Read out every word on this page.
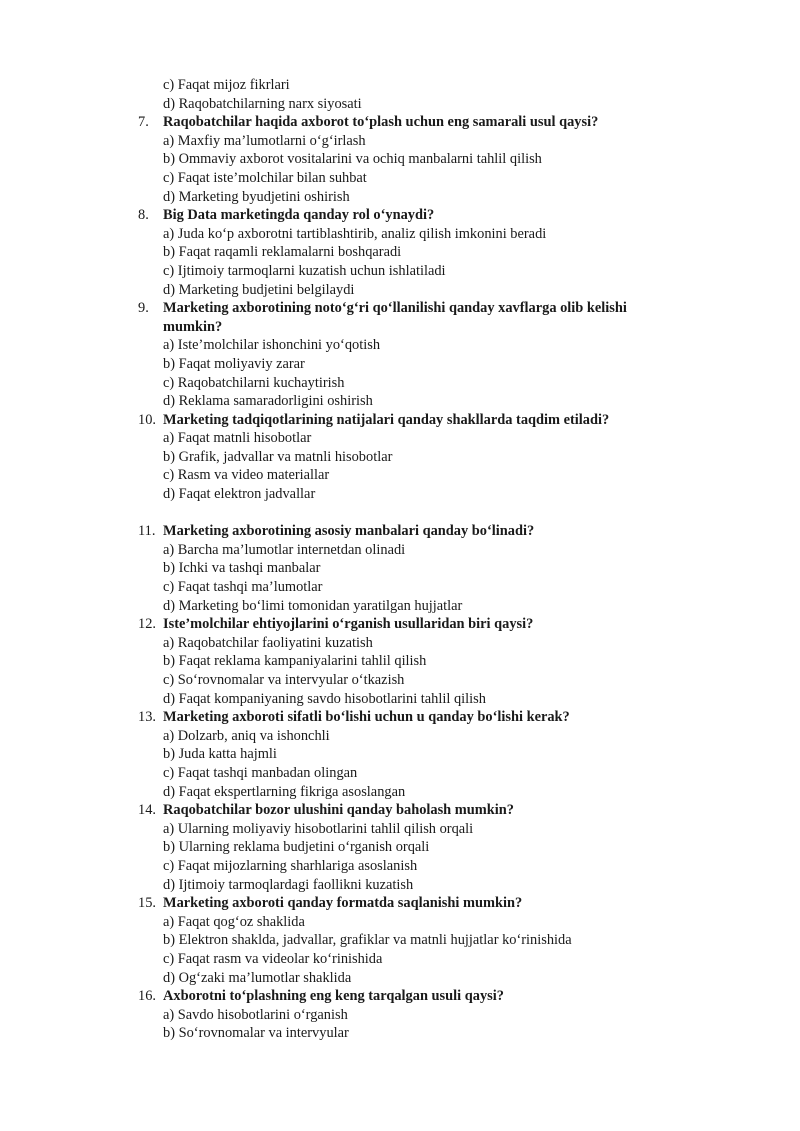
c) Faqat mijoz fikrlari
d) Raqobatchilarning narx siyosati
7. Raqobatchilar haqida axborot to‘plash uchun eng samarali usul qaysi?
a) Maxfiy ma’lumotlarni o‘g‘irlash
b) Ommaviy axborot vositalarini va ochiq manbalarni tahlil qilish
c) Faqat iste’molchilar bilan suhbat
d) Marketing byudjetini oshirish
8. Big Data marketingda qanday rol o‘ynaydi?
a) Juda ko‘p axborotni tartiblashtirib, analiz qilish imkonini beradi
b) Faqat raqamli reklamalarni boshqaradi
c) Ijtimoiy tarmoqlarni kuzatish uchun ishlatiladi
d) Marketing budjetini belgilaydi
9. Marketing axborotining noto‘g‘ri qo‘llanilishi qanday xavflarga olib kelishi
mumkin?
a) Iste’molchilar ishonchini yo‘qotish
b) Faqat moliyaviy zarar
c) Raqobatchilarni kuchaytirish
d) Reklama samaradorligini oshirish
10. Marketing tadqiqotlarining natijalari qanday shakllarda taqdim etiladi?
a) Faqat matnli hisobotlar
b) Grafik, jadvallar va matnli hisobotlar
c) Rasm va video materiallar
d) Faqat elektron jadvallar
11. Marketing axborotining asosiy manbalari qanday bo‘linadi?
a) Barcha ma’lumotlar internetdan olinadi
b) Ichki va tashqi manbalar
c) Faqat tashqi ma’lumotlar
d) Marketing bo‘limi tomonidan yaratilgan hujjatlar
12. Iste’molchilar ehtiyojlarini o‘rganish usullaridan biri qaysi?
a) Raqobatchilar faoliyatini kuzatish
b) Faqat reklama kampaniyalarini tahlil qilish
c) So‘rovnomalar va intervyular o‘tkazish
d) Faqat kompaniyaning savdo hisobotlarini tahlil qilish
13. Marketing axboroti sifatli bo‘lishi uchun u qanday bo‘lishi kerak?
a) Dolzarb, aniq va ishonchli
b) Juda katta hajmli
c) Faqat tashqi manbadan olingan
d) Faqat ekspertlarning fikriga asoslangan
14. Raqobatchilar bozor ulushini qanday baholash mumkin?
a) Ularning moliyaviy hisobotlarini tahlil qilish orqali
b) Ularning reklama budjetini o‘rganish orqali
c) Faqat mijozlarning sharhlariga asoslanish
d) Ijtimoiy tarmoqlardagi faollikni kuzatish
15. Marketing axboroti qanday formatda saqlanishi mumkin?
a) Faqat qog‘oz shaklida
b) Elektron shaklda, jadvallar, grafiklar va matnli hujjatlar ko‘rinishida
c) Faqat rasm va videolar ko‘rinishida
d) Og‘zaki ma’lumotlar shaklida
16. Axborotni to‘plashning eng keng tarqalgan usuli qaysi?
a) Savdo hisobotlarini o‘rganish
b) So‘rovnomalar va intervyular
